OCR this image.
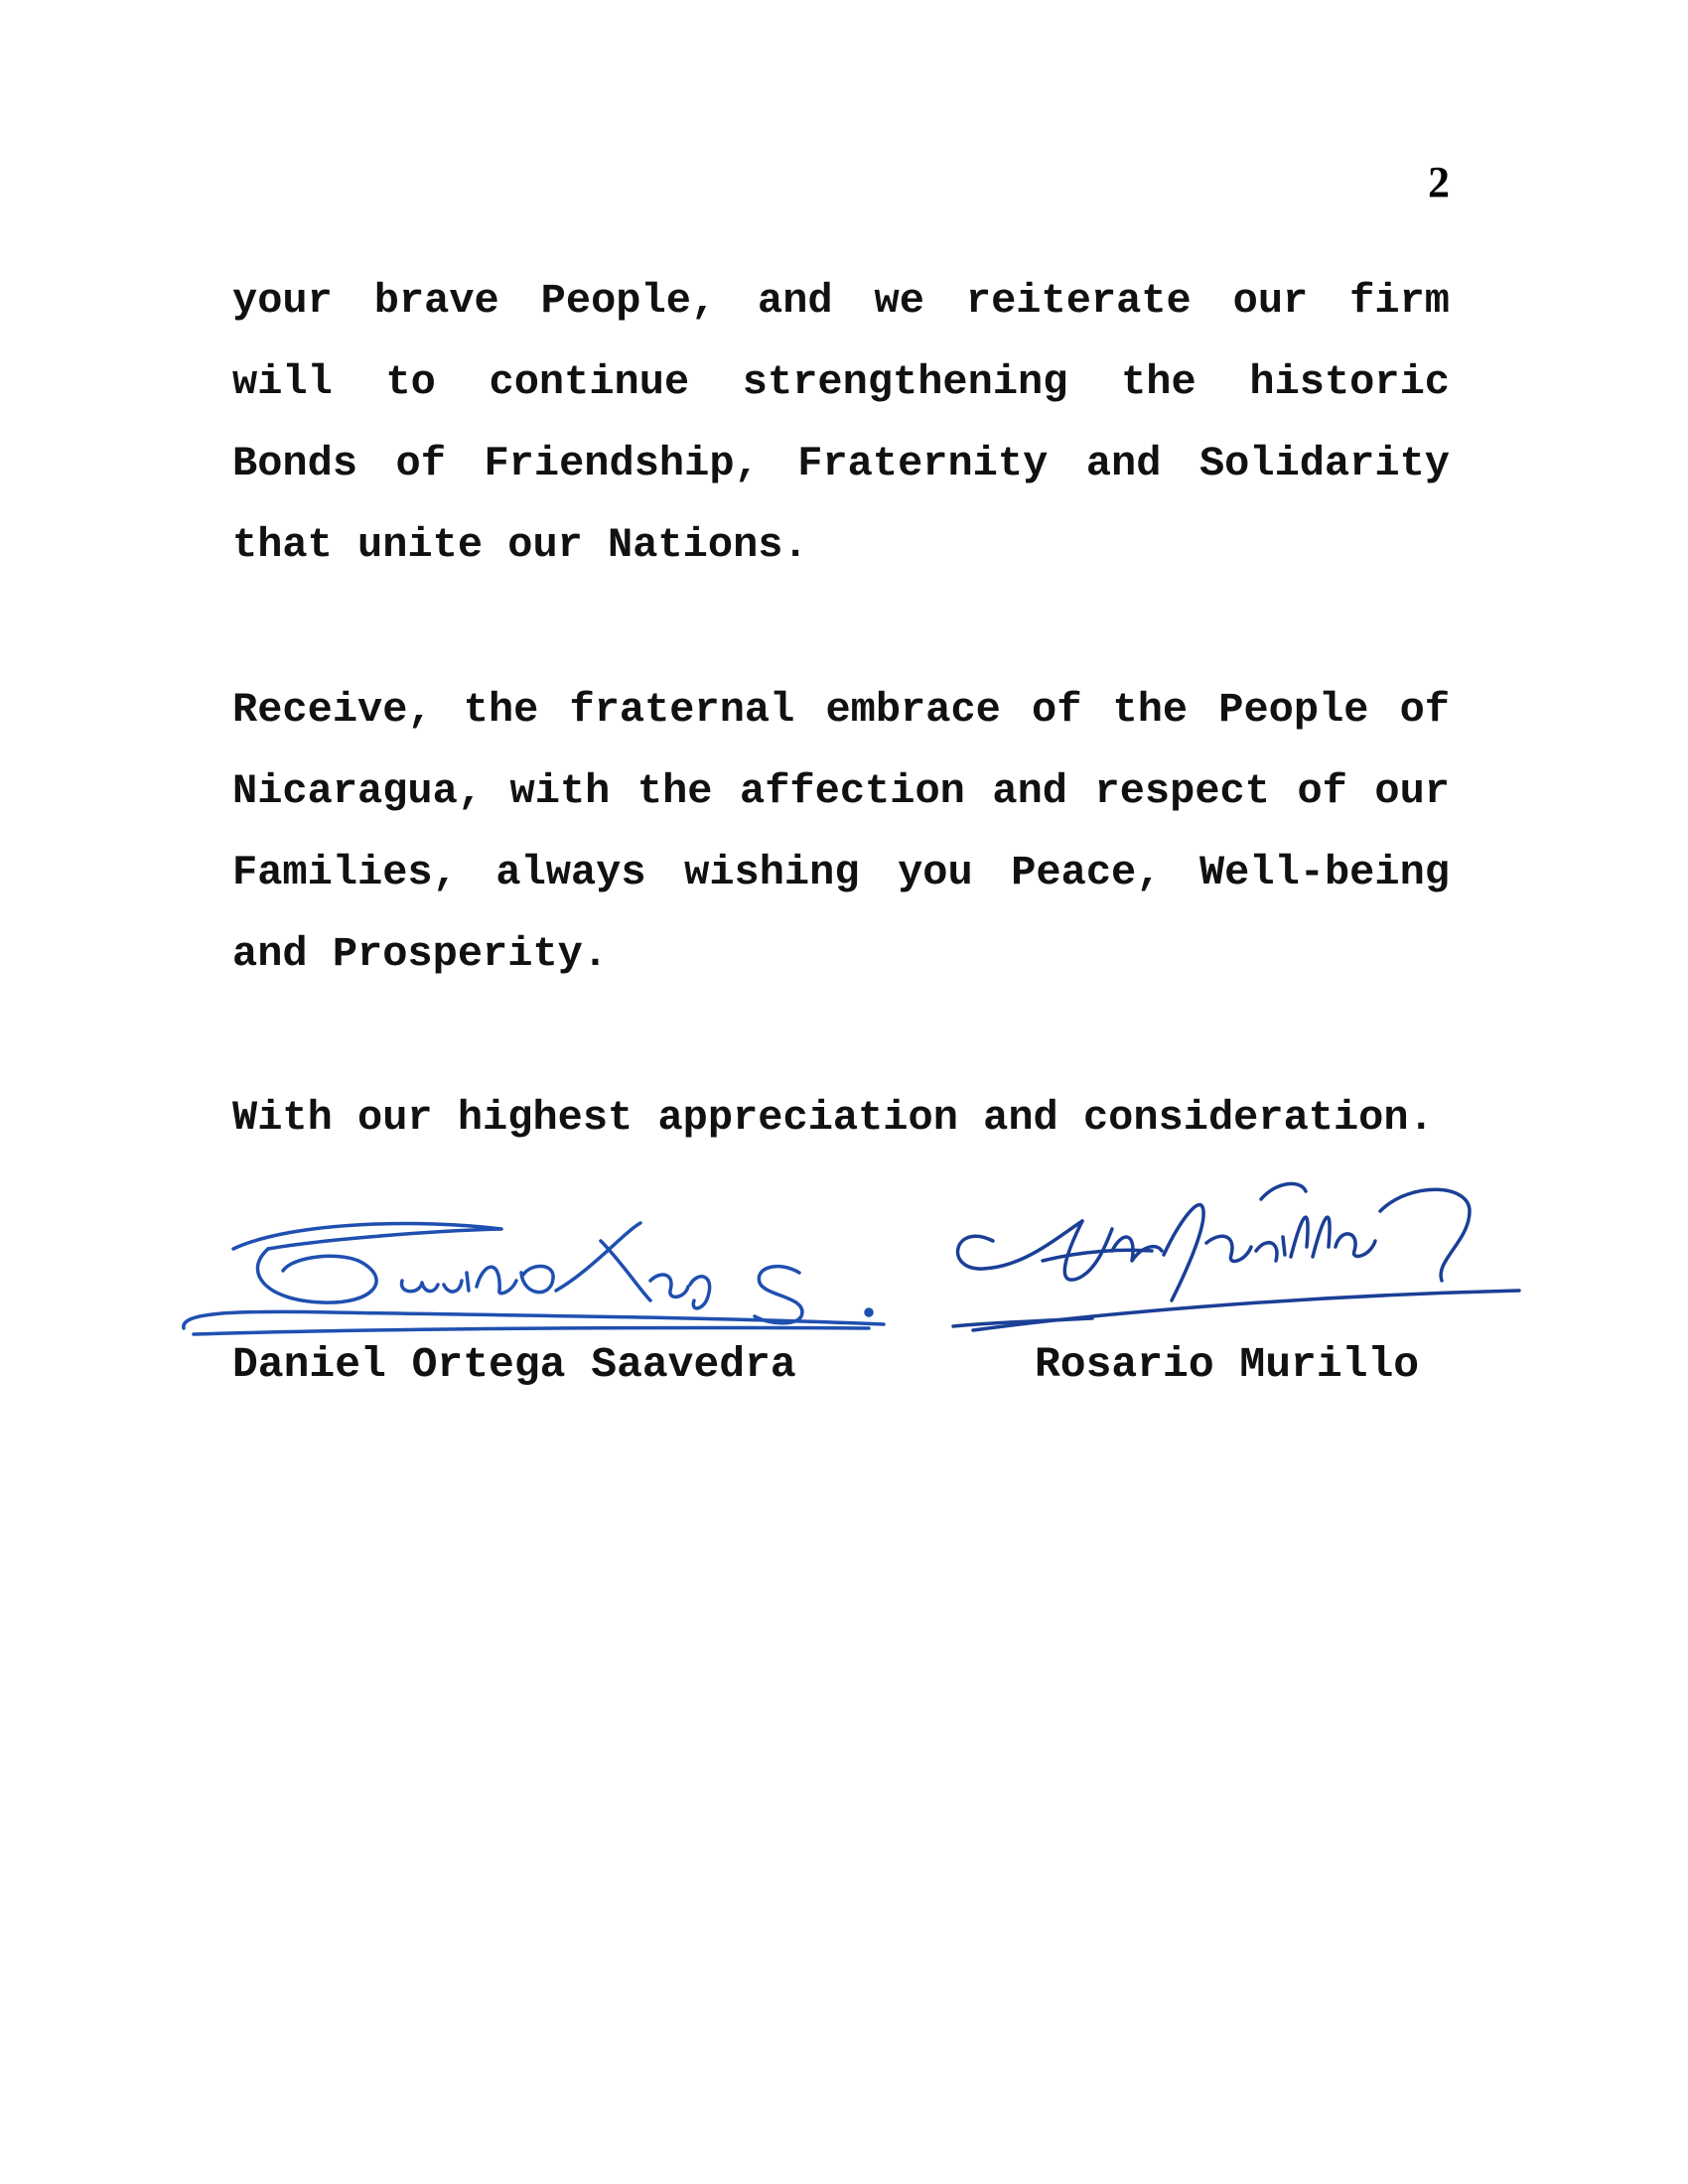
2
your brave People, and we reiterate our firm
will to continue strengthening the historic
Bonds of Friendship, Fraternity and Solidarity
that unite our Nations.
Receive, the fraternal embrace of the People of
Nicaragua, with the affection and respect of our
Families, always wishing you Peace, Well-being
and Prosperity.
With our highest appreciation and consideration.
Daniel Ortega Saavedra	Rosario Murillo
